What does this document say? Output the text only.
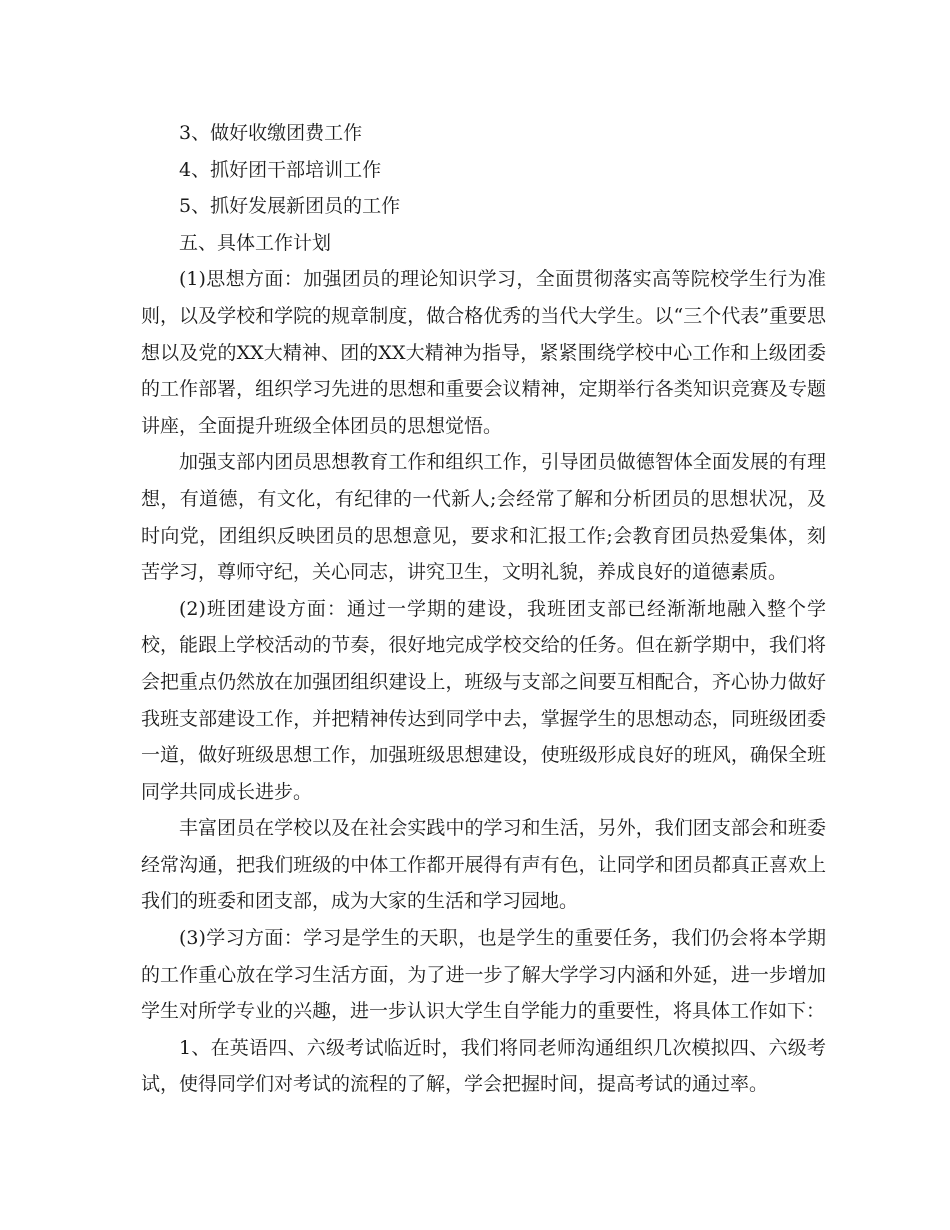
3、做好收缴团费工作

4、抓好团干部培训工作

5、抓好发展新团员的工作

五、具体工作计划

(1)思想方面：加强团员的理论知识学习，全面贯彻落实高等院校学生行为准则，以及学校和学院的规章制度，做合格优秀的当代大学生。以“三个代表”重要思想以及党的XX大精神、团的XX大精神为指导，紧紧围绕学校中心工作和上级团委的工作部署，组织学习先进的思想和重要会议精神，定期举行各类知识竞赛及专题讲座，全面提升班级全体团员的思想觉悟。

加强支部内团员思想教育工作和组织工作，引导团员做德智体全面发展的有理想，有道德，有文化，有纪律的一代新人;会经常了解和分析团员的思想状况，及时向党，团组织反映团员的思想意见，要求和汇报工作;会教育团员热爱集体，刻苦学习，尊师守纪，关心同志，讲究卫生，文明礼貌，养成良好的道德素质。

(2)班团建设方面：通过一学期的建设，我班团支部已经渐渐地融入整个学校，能跟上学校活动的节奏，很好地完成学校交给的任务。但在新学期中，我们将会把重点仍然放在加强团组织建设上，班级与支部之间要互相配合，齐心协力做好我班支部建设工作，并把精神传达到同学中去，掌握学生的思想动态，同班级团委一道，做好班级思想工作，加强班级思想建设，使班级形成良好的班风，确保全班同学共同成长进步。

丰富团员在学校以及在社会实践中的学习和生活，另外，我们团支部会和班委经常沟通，把我们班级的中体工作都开展得有声有色，让同学和团员都真正喜欢上我们的班委和团支部，成为大家的生活和学习园地。

(3)学习方面：学习是学生的天职，也是学生的重要任务，我们仍会将本学期的工作重心放在学习生活方面，为了进一步了解大学学习内涵和外延，进一步增加学生对所学专业的兴趣，进一步认识大学生自学能力的重要性，将具体工作如下：

1、在英语四、六级考试临近时，我们将同老师沟通组织几次模拟四、六级考试，使得同学们对考试的流程的了解，学会把握时间，提高考试的通过率。
